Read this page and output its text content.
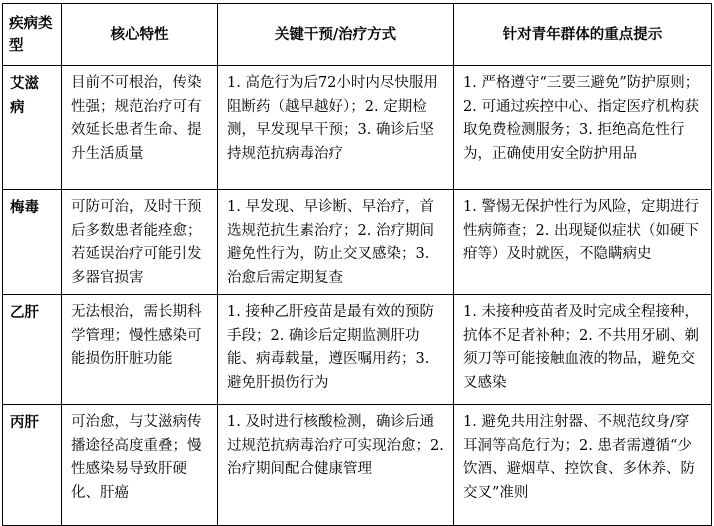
疾病类型	核心特性	关键干预/治疗方式	针对青年群体的重点提示
艾滋病	目前不可根治，传染性强；规范治疗可有效延长患者生命、提升生活质量	1. 高危行为后72小时内尽快服用阻断药（越早越好）；2. 定期检测，早发现早干预；3. 确诊后坚持规范抗病毒治疗	1. 严格遵守“三要三避免”防护原则；2. 可通过疾控中心、指定医疗机构获取免费检测服务；3. 拒绝高危性行为，正确使用安全防护用品
梅毒	可防可治，及时干预后多数患者能痊愈；若延误治疗可能引发多器官损害	1. 早发现、早诊断、早治疗，首选规范抗生素治疗；2. 治疗期间避免性行为，防止交叉感染；3. 治愈后需定期复查	1. 警惕无保护性行为风险，定期进行性病筛查；2. 出现疑似症状（如硬下疳等）及时就医，不隐瞒病史
乙肝	无法根治，需长期科学管理；慢性感染可能损伤肝脏功能	1. 接种乙肝疫苗是最有效的预防手段；2. 确诊后定期监测肝功能、病毒载量，遵医嘱用药；3. 避免肝损伤行为	1. 未接种疫苗者及时完成全程接种，抗体不足者补种；2. 不共用牙刷、剃须刀等可能接触血液的物品，避免交叉感染
丙肝	可治愈，与艾滋病传播途径高度重叠；慢性感染易导致肝硬化、肝癌	1. 及时进行核酸检测，确诊后通过规范抗病毒治疗可实现治愈；2. 治疗期间配合健康管理	1. 避免共用注射器、不规范纹身/穿耳洞等高危行为；2. 患者需遵循“少饮酒、避烟草、控饮食、多休养、防交叉”准则
